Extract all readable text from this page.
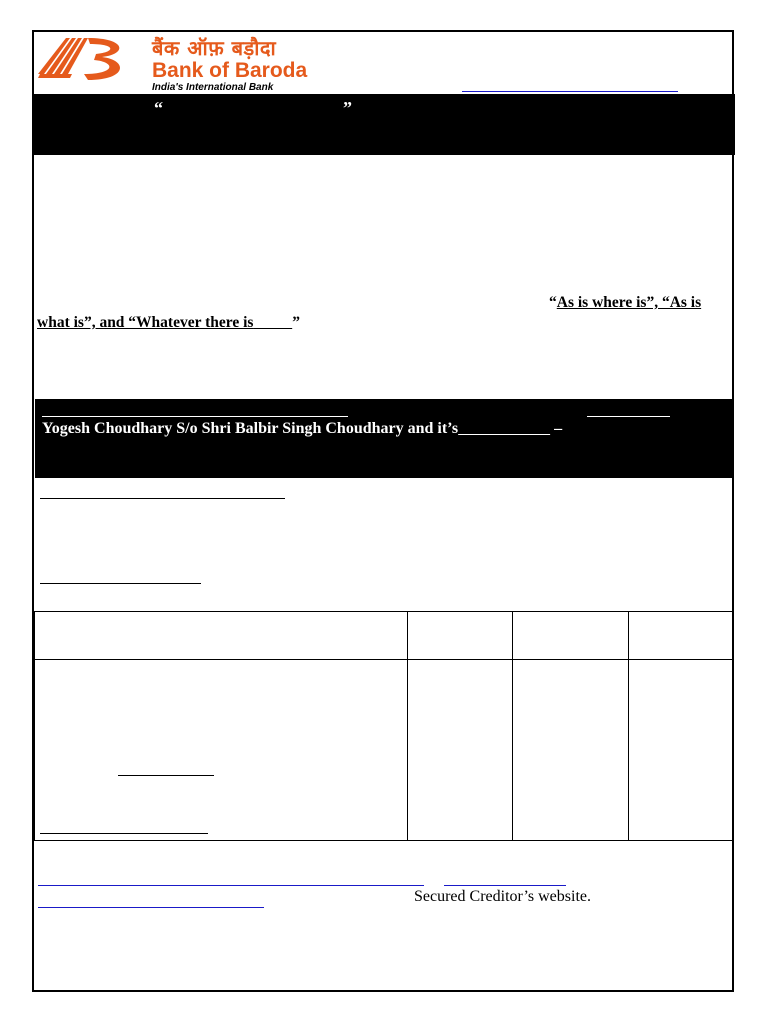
बैंक ऑफ़ बड़ौदा
Bank of Baroda
India's International Bank
“	”
“As is where is”, “As is
what is”, and “Whatever there is	”
Yogesh Choudhary S/o Shri Balbir Singh Choudhary and it’s	–
Secured Creditor’s website.
